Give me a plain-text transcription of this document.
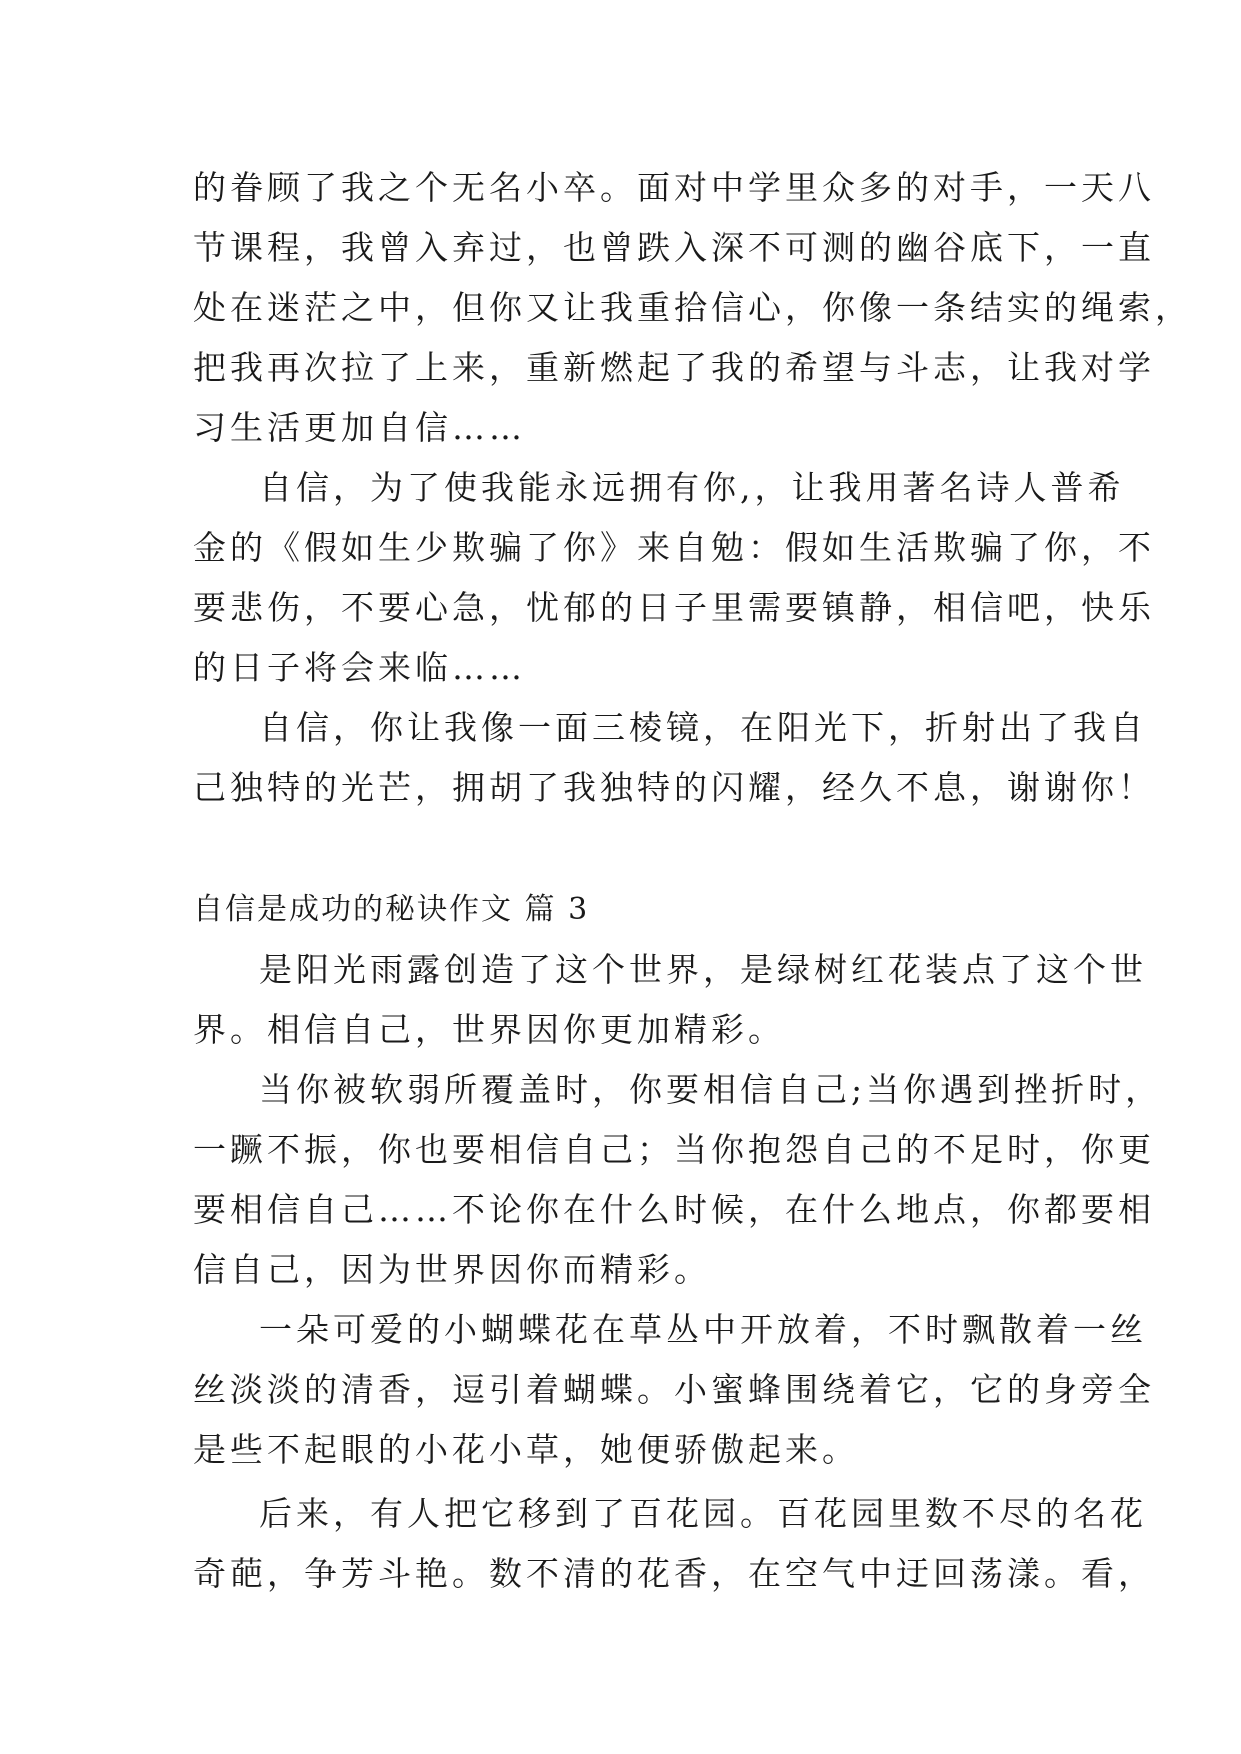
的眷顾了我之个无名小卒。面对中学里众多的对手，一天八
节课程，我曾入弃过，也曾跌入深不可测的幽谷底下，一直
处在迷茫之中，但你又让我重拾信心，你像一条结实的绳索，
把我再次拉了上来，重新燃起了我的希望与斗志，让我对学
习生活更加自信……
自信，为了使我能永远拥有你,，让我用著名诗人普希
金的《假如生少欺骗了你》来自勉：假如生活欺骗了你，不
要悲伤，不要心急，忧郁的日子里需要镇静，相信吧，快乐
的日子将会来临……
自信，你让我像一面三棱镜，在阳光下，折射出了我自
己独特的光芒，拥胡了我独特的闪耀，经久不息，谢谢你！
自信是成功的秘诀作文 篇 3
是阳光雨露创造了这个世界，是绿树红花装点了这个世
界。相信自己，世界因你更加精彩。
当你被软弱所覆盖时，你要相信自己;当你遇到挫折时，
一蹶不振，你也要相信自己；当你抱怨自己的不足时，你更
要相信自己……不论你在什么时候，在什么地点，你都要相
信自己，因为世界因你而精彩。
一朵可爱的小蝴蝶花在草丛中开放着，不时飘散着一丝
丝淡淡的清香，逗引着蝴蝶。小蜜蜂围绕着它，它的身旁全
是些不起眼的小花小草，她便骄傲起来。
后来，有人把它移到了百花园。百花园里数不尽的名花
奇葩，争芳斗艳。数不清的花香，在空气中迂回荡漾。看，
